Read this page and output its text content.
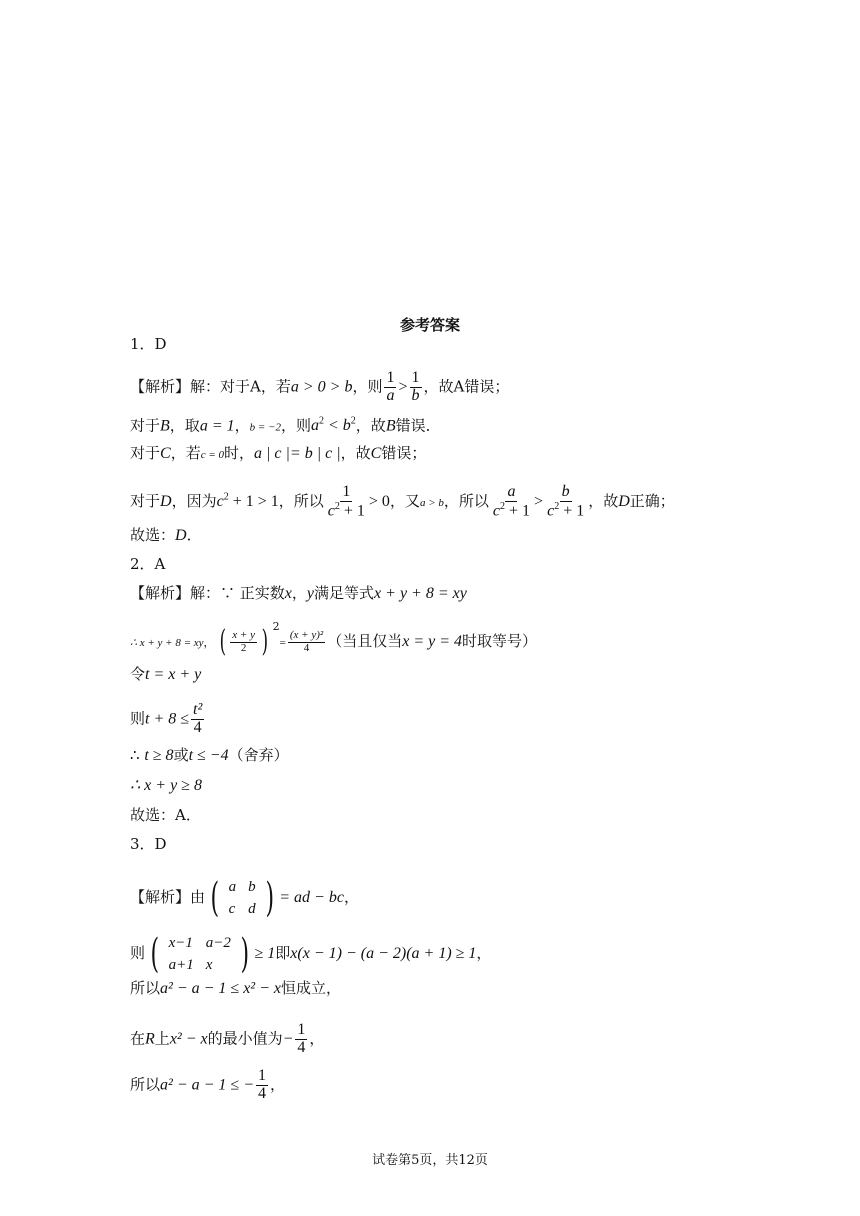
参考答案
1．D
【解析】解：对于A，若a > 0 > b，则 $\frac{1}{a} > \frac{1}{b}$ ，故A错误；
对于B，取a = 1，b = −2，则$a^2 < b^2$，故B错误．
对于C，若c = 0时，a | c |= b | c |，故C错误；
对于D，因为$c^2 + 1 > 1$，所以 $\frac{1}{c^2 + 1} > 0$，又a > b，所以 $\frac{a}{c^2 + 1} > \frac{b}{c^2 + 1}$ ，故D正确；
故选：D．
2．A
【解析】解：∵ 正实数x，y满足等式x + y + 8 = xy
∴ x + y + 8 = xy， ( $\frac{x + y}{2}$ ) $^2= \frac{\text{(x + y)²}}{4}$ （当且仅当x = y = 4时取等号）
令t = x + y
则$t + 8 \le \frac{\text{t²}}{4}$
∴ t ≥ 8或t ≤ −4（舍弃）
∴ x + y ≥ 8
故选：A．
3．D
【解析】由 ( a	b
c	d ) = ad − bc，
则 ( x−1	a−2
a+1	x ) ≥ 1即x(x − 1) − (a − 2)(a + 1) ≥ 1，
所以a² − a − 1 ≤ x² − x恒成立，
在R上x² − x的最小值为− $\frac{1}{4}$ ，
所以a² − a − 1 ≤ − $\frac{1}{4}$ ，
试卷第5页，共12页
